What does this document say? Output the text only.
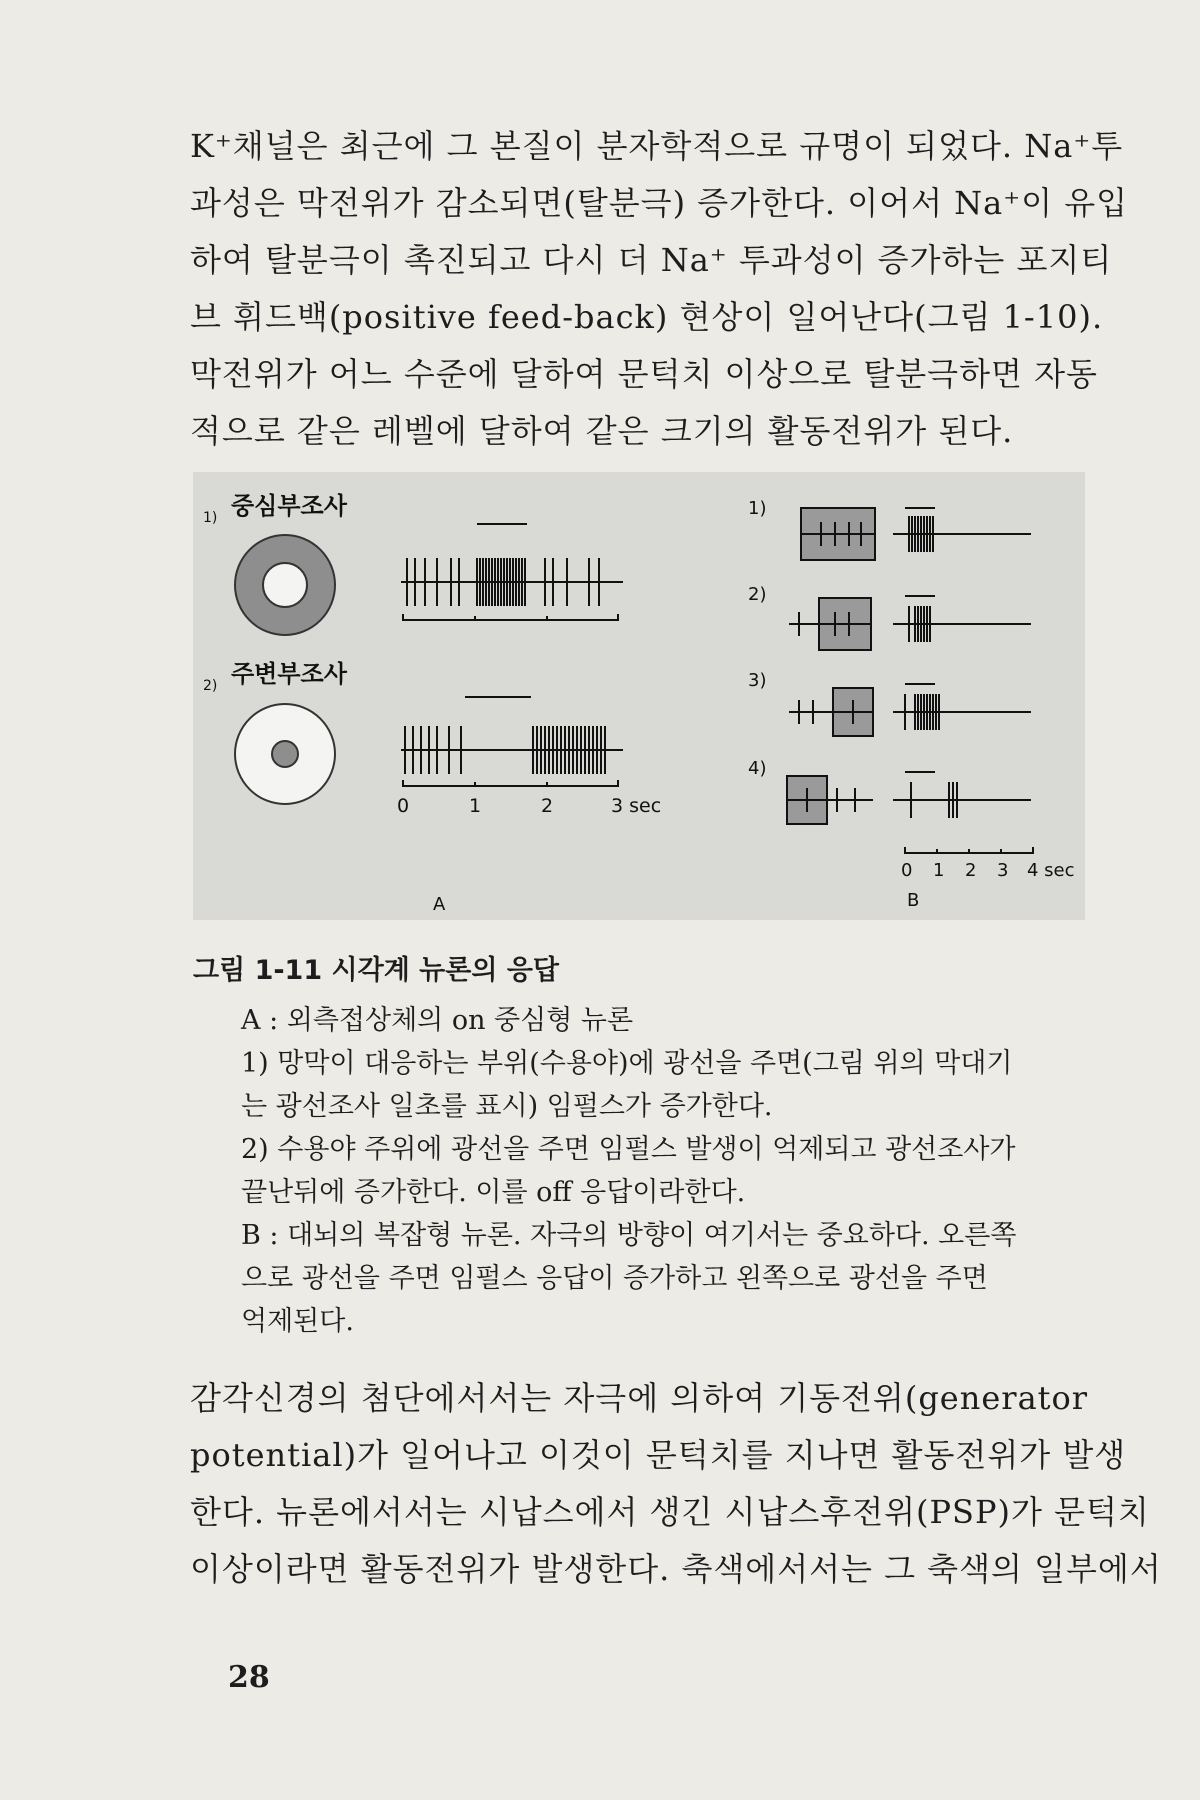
K⁺채널은 최근에 그 본질이 분자학적으로 규명이 되었다. Na⁺투
과성은 막전위가 감소되면(탈분극) 증가한다. 이어서 Na⁺이 유입
하여 탈분극이 촉진되고 다시 더 Na⁺ 투과성이 증가하는 포지티
브 휘드백(positive feed-back) 현상이 일어난다(그림 1-10).
막전위가 어느 수준에 달하여 문턱치 이상으로 탈분극하면 자동
적으로 같은 레벨에 달하여 같은 크기의 활동전위가 된다.
1) 중심부조사
2) 주변부조사
0	1	2	3 sec
A
1)
2)
3)
4)
0 1 2 3 4 sec
B

그림 1-11 시각계 뉴론의 응답

A : 외측접상체의 on 중심형 뉴론
1) 망막이 대응하는 부위(수용야)에 광선을 주면(그림 위의 막대기
는 광선조사 일초를 표시) 임펄스가 증가한다.
2) 수용야 주위에 광선을 주면 임펄스 발생이 억제되고 광선조사가
끝난뒤에 증가한다. 이를 off 응답이라한다.
B : 대뇌의 복잡형 뉴론. 자극의 방향이 여기서는 중요하다. 오른쪽
으로 광선을 주면 임펄스 응답이 증가하고 왼쪽으로 광선을 주면
억제된다.
감각신경의 첨단에서서는 자극에 의하여 기동전위(generator
potential)가 일어나고 이것이 문턱치를 지나면 활동전위가 발생
한다. 뉴론에서서는 시납스에서 생긴 시납스후전위(PSP)가 문턱치
이상이라면 활동전위가 발생한다. 축색에서서는 그 축색의 일부에서
28
